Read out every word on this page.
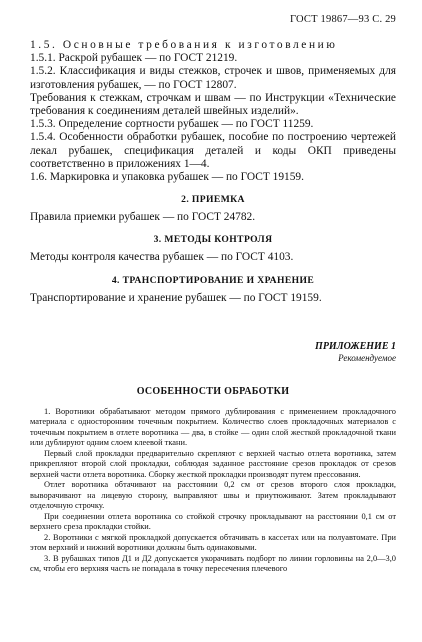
ГОСТ 19867—93 С. 29

1.5. Основные требования к изготовлению

1.5.1. Раскрой рубашек — по ГОСТ 21219.

1.5.2. Классификация и виды стежков, строчек и швов, применяемых для изготовления рубашек, — по ГОСТ 12807.

Требования к стежкам, строчкам и швам — по Инструкции «Технические требования к соединениям деталей швейных изделий».

1.5.3. Определение сортности рубашек — по ГОСТ 11259.

1.5.4. Особенности обработки рубашек, пособие по построению чертежей лекал рубашек, спецификация деталей и коды ОКП приведены соответственно в приложениях 1—4.

1.6. Маркировка и упаковка рубашек — по ГОСТ 19159.

2. ПРИЕМКА

Правила приемки рубашек — по ГОСТ 24782.

3. МЕТОДЫ КОНТРОЛЯ

Методы контроля качества рубашек — по ГОСТ 4103.

4. ТРАНСПОРТИРОВАНИЕ И ХРАНЕНИЕ

Транспортирование и хранение рубашек — по ГОСТ 19159.

ПРИЛОЖЕНИЕ 1
Рекомендуемое
ОСОБЕННОСТИ ОБРАБОТКИ

1. Воротники обрабатывают методом прямого дублирования с применением прокладочного материала с односторонним точечным покрытием. Количество слоев прокладочных материалов с точечным покрытием в отлете воротника — два, в стойке — один слой жесткой прокладочной ткани или дублируют одним слоем клеевой ткани.

Первый слой прокладки предварительно скрепляют с верхней частью отлета воротника, затем прикрепляют второй слой прокладки, соблюдая заданное расстояние срезов прокладок от срезов верхней части отлета воротника. Сборку жесткой прокладки производят путем прессования.

Отлет воротника обтачивают на расстоянии 0,2 см от срезов второго слоя прокладки, выворачивают на лицевую сторону, выправляют швы и приутюживают. Затем прокладывают отделочную строчку.

При соединении отлета воротника со стойкой строчку прокладывают на расстоянии 0,1 см от верхнего среза прокладки стойки.

2. Воротники с мягкой прокладкой допускается обтачивать в кассетах или на полуавтомате. При этом верхний и нижний воротники должны быть одинаковыми.

3. В рубашках типов Д1 и Д2 допускается укорачивать подборт по линии горловины на 2,0—3,0 см, чтобы его верхняя часть не попадала в точку пересечения плечевого
